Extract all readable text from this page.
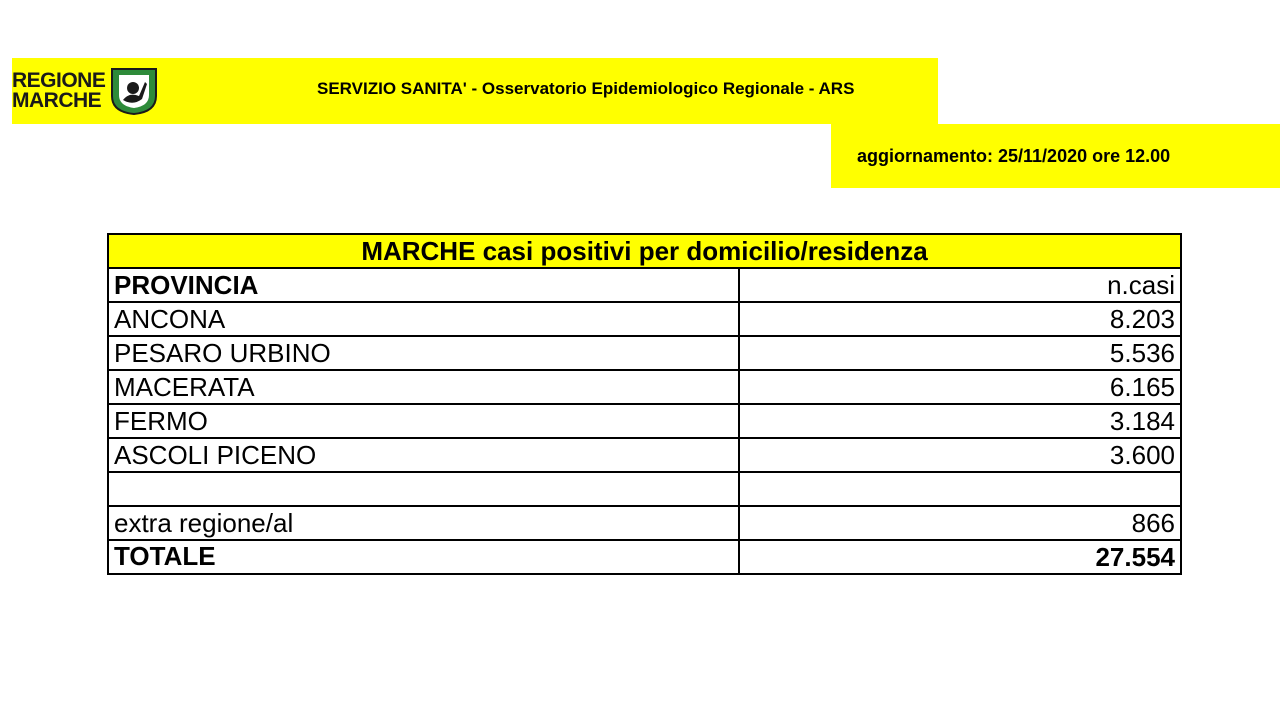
REGIONE
MARCHE
SERVIZIO SANITA' - Osservatorio Epidemiologico Regionale - ARS
aggiornamento: 25/11/2020 ore 12.00
MARCHE casi positivi per domicilio/residenza	
PROVINCIA	n.casi
ANCONA	8.203
PESARO URBINO	5.536
MACERATA	6.165
FERMO	3.184
ASCOLI PICENO	3.600

extra regione/al	866
TOTALE	27.554
